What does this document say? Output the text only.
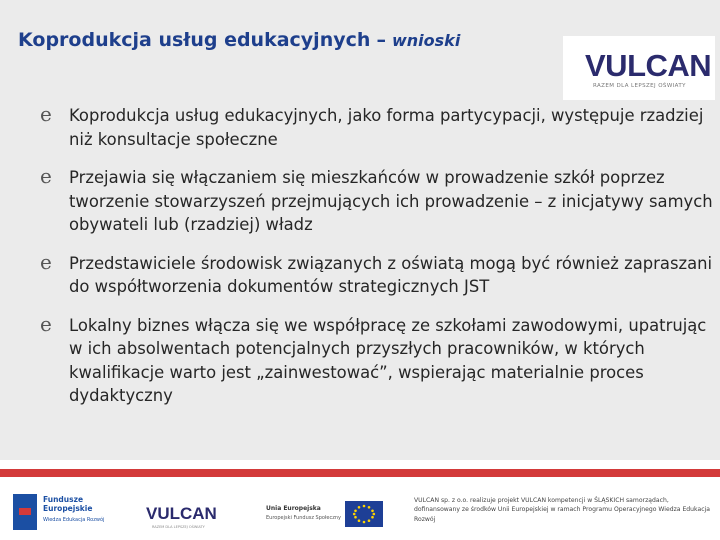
Koprodukcja usług edukacyjnych – wnioski
VULCAN
RAZEM DLA LEPSZEJ OŚWIATY
e Koprodukcja usług edukacyjnych, jako forma partycypacji, występuje rzadziej niż konsultacje społeczne
e Przejawia się włączaniem się mieszkańców w prowadzenie szkół poprzez tworzenie stowarzyszeń przejmujących ich prowadzenie – z inicjatywy samych obywateli lub (rzadziej) władz
e Przedstawiciele środowisk związanych z oświatą mogą być również zapraszani do współtworzenia dokumentów strategicznych JST
e Lokalny biznes włącza się we współpracę ze szkołami zawodowymi, upatrując w ich absolwentach potencjalnych przyszłych pracowników, w których kwalifikacje warto jest „zainwestować”, wspierając materialnie proces dydaktyczny
Fundusze
Europejskie
Wiedza Edukacja Rozwój VULCAN
RAZEM DLA LEPSZEJ OŚWIATY
Unia Europejska
Europejski Fundusz Społeczny
VULCAN sp. z o.o. realizuje projekt VULCAN kompetencji w ŚLĄSKICH samorządach, dofinansowany ze środków Unii Europejskiej w ramach Programu Operacyjnego Wiedza Edukacja Rozwój
